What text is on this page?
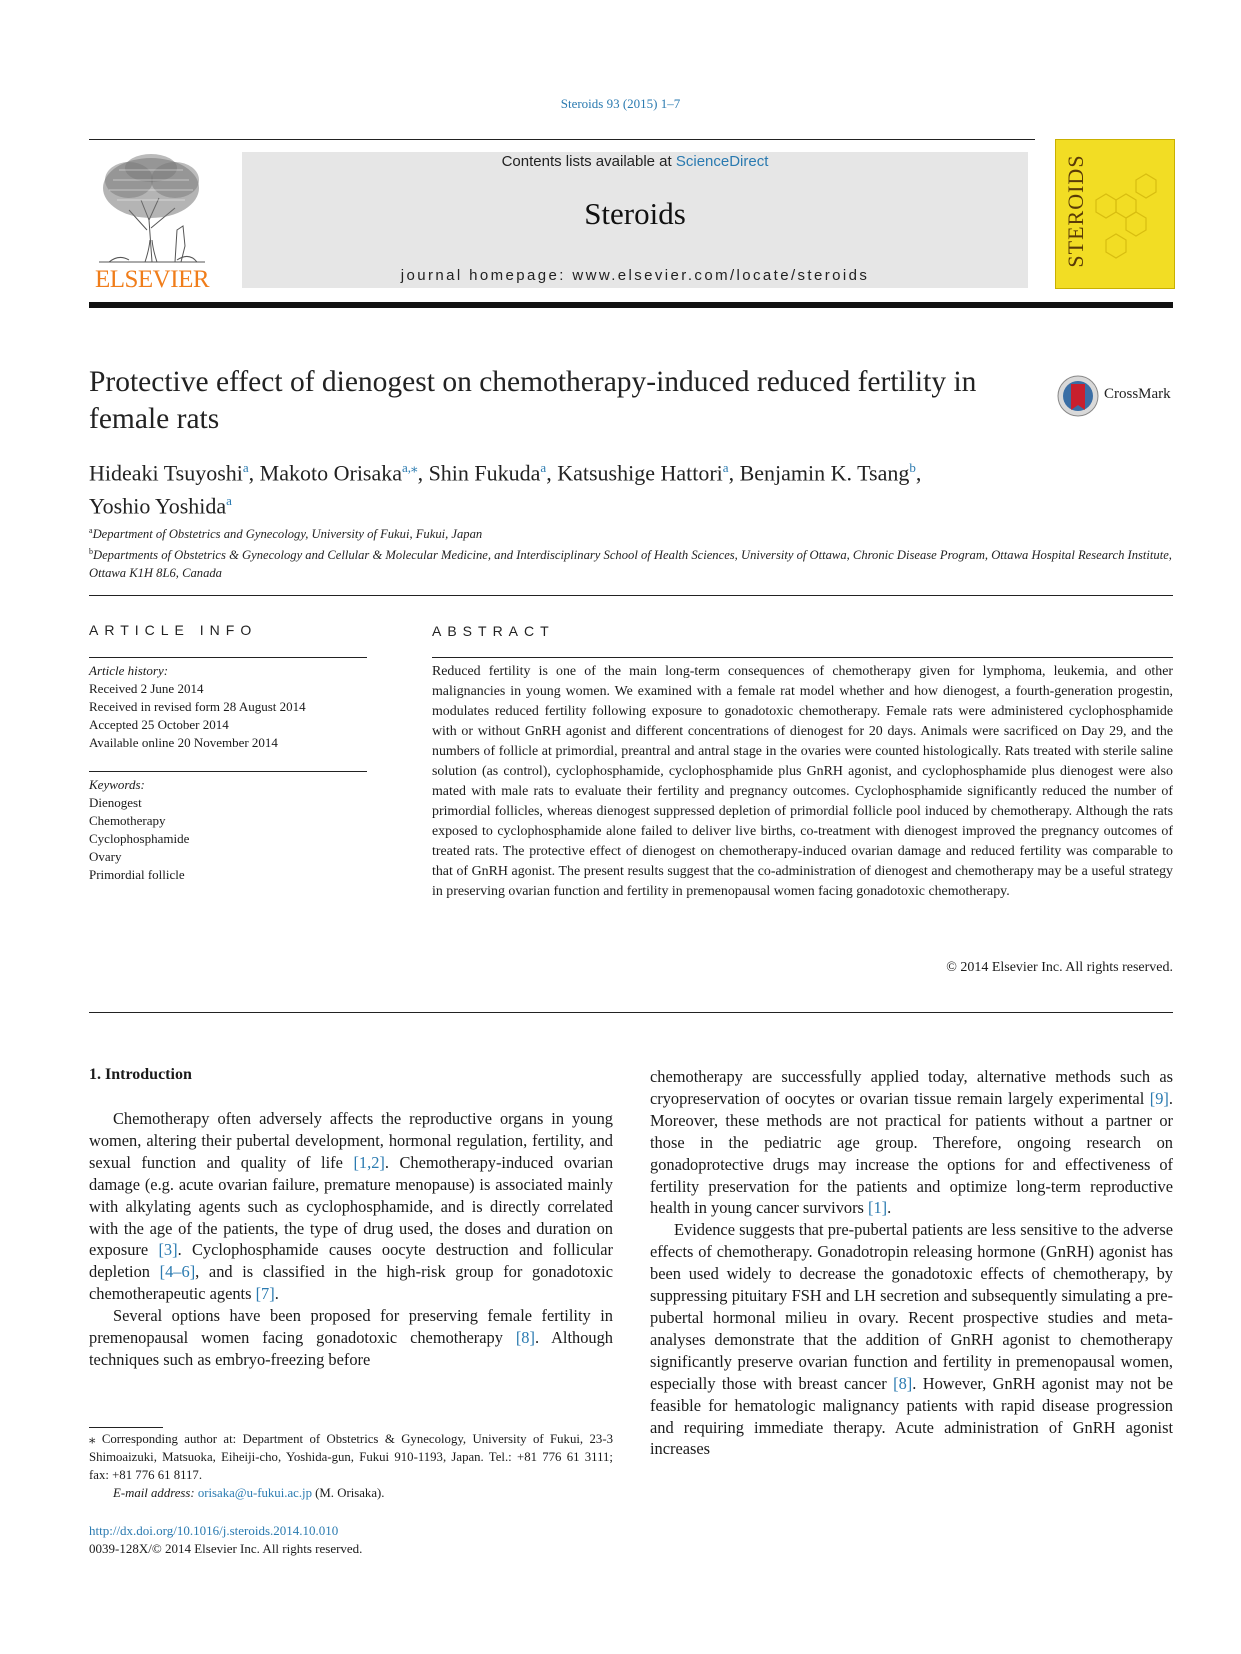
Steroids 93 (2015) 1–7
ELSEVIER
Contents lists available at ScienceDirect
Steroids
journal homepage: www.elsevier.com/locate/steroids
STEROIDS
Protective effect of dienogest on chemotherapy-induced reduced fertility in female rats
CrossMark
Hideaki Tsuyoshi$^a$, Makoto Orisaka$^{a,⁎}$, Shin Fukuda$^a$, Katsushige Hattori$^a$, Benjamin K. Tsang$^b$,
Yoshio Yoshida$^a$
$^a$Department of Obstetrics and Gynecology, University of Fukui, Fukui, Japan
$^b$Departments of Obstetrics & Gynecology and Cellular & Molecular Medicine, and Interdisciplinary School of Health Sciences, University of Ottawa, Chronic Disease Program, Ottawa Hospital Research Institute, Ottawa K1H 8L6, Canada
ARTICLE INFO	ABSTRACT
Article history:
Received 2 June 2014
Received in revised form 28 August 2014
Accepted 25 October 2014
Available online 20 November 2014
Keywords:
Dienogest
Chemotherapy
Cyclophosphamide
Ovary
Primordial follicle
Reduced fertility is one of the main long-term consequences of chemotherapy given for lymphoma, leukemia, and other malignancies in young women. We examined with a female rat model whether and how dienogest, a fourth-generation progestin, modulates reduced fertility following exposure to gonadotoxic chemotherapy. Female rats were administered cyclophosphamide with or without GnRH agonist and different concentrations of dienogest for 20 days. Animals were sacrificed on Day 29, and the numbers of follicle at primordial, preantral and antral stage in the ovaries were counted histologically. Rats treated with sterile saline solution (as control), cyclophosphamide, cyclophosphamide plus GnRH agonist, and cyclophosphamide plus dienogest were also mated with male rats to evaluate their fertility and pregnancy outcomes. Cyclophosphamide significantly reduced the number of primordial follicles, whereas dienogest suppressed depletion of primordial follicle pool induced by chemotherapy. Although the rats exposed to cyclophosphamide alone failed to deliver live births, co-treatment with dienogest improved the pregnancy outcomes of treated rats. The protective effect of dienogest on chemotherapy-induced ovarian damage and reduced fertility was comparable to that of GnRH agonist. The present results suggest that the co-administration of dienogest and chemotherapy may be a useful strategy in preserving ovarian function and fertility in premenopausal women facing gonadotoxic chemotherapy.
© 2014 Elsevier Inc. All rights reserved.
1. Introduction

Chemotherapy often adversely affects the reproductive organs in young women, altering their pubertal development, hormonal regulation, fertility, and sexual function and quality of life [1,2]. Chemotherapy-induced ovarian damage (e.g. acute ovarian failure, premature menopause) is associated mainly with alkylating agents such as cyclophosphamide, and is directly correlated with the age of the patients, the type of drug used, the doses and duration on exposure [3]. Cyclophosphamide causes oocyte destruction and follicular depletion [4–6], and is classified in the high-risk group for gonadotoxic chemotherapeutic agents [7].

Several options have been proposed for preserving female fertility in premenopausal women facing gonadotoxic chemotherapy [8]. Although techniques such as embryo-freezing before

chemotherapy are successfully applied today, alternative methods such as cryopreservation of oocytes or ovarian tissue remain largely experimental [9]. Moreover, these methods are not practical for patients without a partner or those in the pediatric age group. Therefore, ongoing research on gonadoprotective drugs may increase the options for and effectiveness of fertility preservation for the patients and optimize long-term reproductive health in young cancer survivors [1].

Evidence suggests that pre-pubertal patients are less sensitive to the adverse effects of chemotherapy. Gonadotropin releasing hormone (GnRH) agonist has been used widely to decrease the gonadotoxic effects of chemotherapy, by suppressing pituitary FSH and LH secretion and subsequently simulating a pre-pubertal hormonal milieu in ovary. Recent prospective studies and meta-analyses demonstrate that the addition of GnRH agonist to chemotherapy significantly preserve ovarian function and fertility in premenopausal women, especially those with breast cancer [8]. However, GnRH agonist may not be feasible for hematologic malignancy patients with rapid disease progression and requiring immediate therapy. Acute administration of GnRH agonist increases

⁎ Corresponding author at: Department of Obstetrics & Gynecology, University of Fukui, 23-3 Shimoaizuki, Matsuoka, Eiheiji-cho, Yoshida-gun, Fukui 910-1193, Japan. Tel.: +81 776 61 3111; fax: +81 776 61 8117.
E-mail address: orisaka@u-fukui.ac.jp (M. Orisaka).
http://dx.doi.org/10.1016/j.steroids.2014.10.010
0039-128X/© 2014 Elsevier Inc. All rights reserved.
